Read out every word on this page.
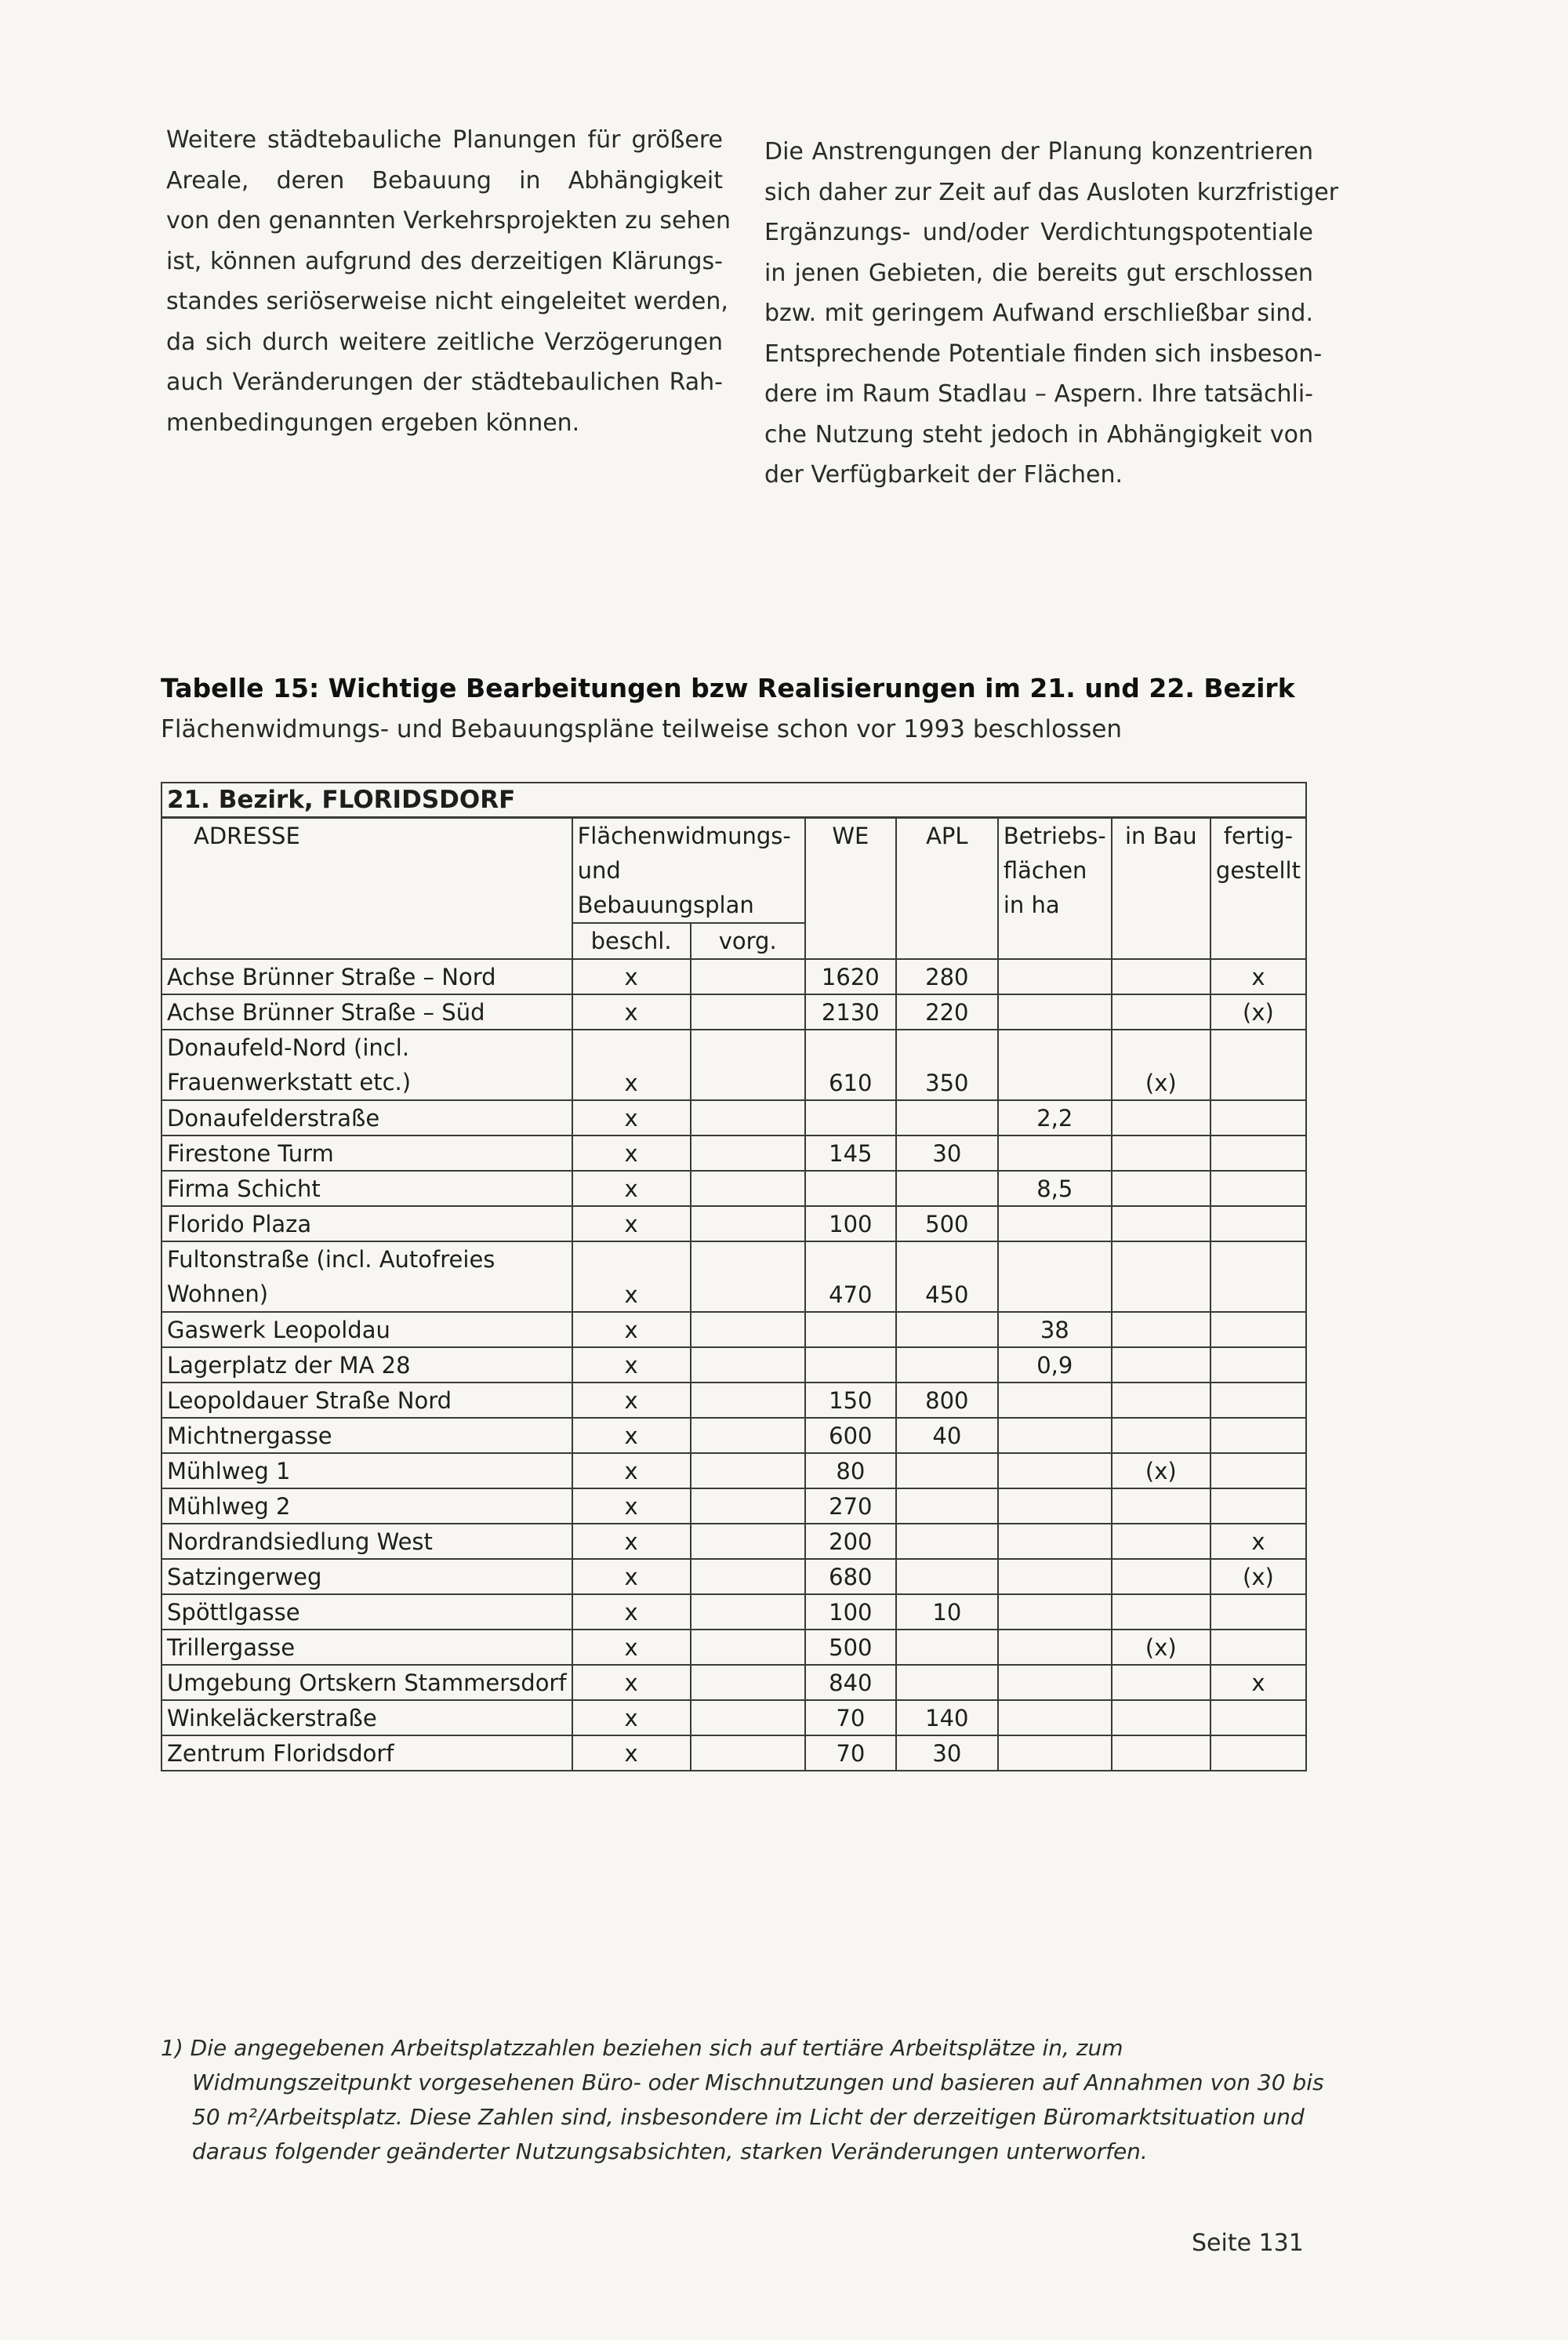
Weitere städtebauliche Planungen für größere
Areale, deren Bebauung in Abhängigkeit
von den genannten Verkehrsprojekten zu sehen
ist, können aufgrund des derzeitigen Klärungs-
standes seriöserweise nicht eingeleitet werden,
da sich durch weitere zeitliche Verzögerungen
auch Veränderungen der städtebaulichen Rah-
menbedingungen ergeben können.
Die Anstrengungen der Planung konzentrieren
sich daher zur Zeit auf das Ausloten kurzfristiger
Ergänzungs- und/oder Verdichtungspotentiale
in jenen Gebieten, die bereits gut erschlossen
bzw. mit geringem Aufwand erschließbar sind.
Entsprechende Potentiale finden sich insbeson-
dere im Raum Stadlau – Aspern. Ihre tatsächli-
che Nutzung steht jedoch in Abhängigkeit von
der Verfügbarkeit der Flächen.
Tabelle 15: Wichtige Bearbeitungen bzw Realisierungen im 21. und 22. Bezirk
Flächenwidmungs- und Bebauungspläne teilweise schon vor 1993 beschlossen
21. Bezirk, FLORIDSDORF							
ADRESSE	Flächenwidmungs-
und Bebauungsplan		WE	APL	Betriebs-
flächen
in ha	in Bau	fertig-
gestellt

	beschl.	vorg.					
Achse Brünner Straße – Nord	x		1620	280			x
Achse Brünner Straße – Süd	x		2130	220			(x)

Donaufeld-Nord (incl.
Frauenwerkstatt etc.)	x		610	350		(x)	
Donaufelderstraße	x				2,2		
Firestone Turm	x		145	30			
Firma Schicht	x				8,5		
Florido Plaza	x		100	500			

Fultonstraße (incl. Autofreies
Wohnen)	x		470	450			
Gaswerk Leopoldau	x				38		
Lagerplatz der MA 28	x				0,9		
Leopoldauer Straße Nord	x		150	800			
Michtnergasse	x		600	40			
Mühlweg 1	x		80			(x)	
Mühlweg 2	x		270				
Nordrandsiedlung West	x		200				x
Satzingerweg	x		680				(x)
Spöttlgasse	x		100	10			
Trillergasse	x		500			(x)	
Umgebung Ortskern Stammersdorf	x		840				x
Winkeläckerstraße	x		70	140			
Zentrum Floridsdorf	x		70	30			
1) Die angegebenen Arbeitsplatzzahlen beziehen sich auf tertiäre Arbeitsplätze in, zum
Widmungszeitpunkt vorgesehenen Büro- oder Mischnutzungen und basieren auf Annahmen von 30 bis
50 m²/Arbeitsplatz. Diese Zahlen sind, insbesondere im Licht der derzeitigen Büromarktsituation und
daraus folgender geänderter Nutzungsabsichten, starken Veränderungen unterworfen.
Seite 131
